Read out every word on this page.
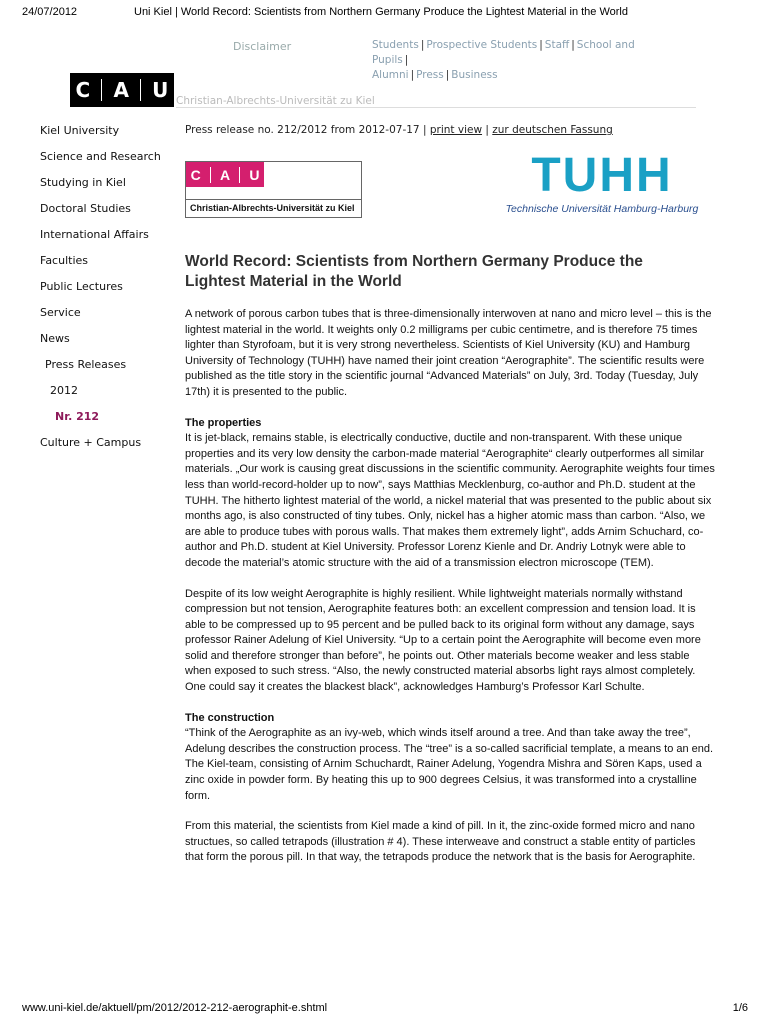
24/07/2012	Uni Kiel | World Record: Scientists from Northern Germany Produce the Lightest Material in the World
Disclaimer	Students | Prospective Students | Staff | School and Pupils |
Alumni | Press | Business
C A U Christian-Albrechts-Universität zu Kiel
Kiel University
Science and Research
Studying in Kiel
Doctoral Studies
International Affairs
Faculties
Public Lectures
Service
News
Press Releases
2012
Nr. 212
Culture + Campus
Press release no. 212/2012 from 2012-07-17 | print view | zur deutschen Fassung
C A U
Christian-Albrechts-Universität zu Kiel
TUHH
Technische Universität Hamburg-Harburg
World Record: Scientists from Northern Germany Produce the Lightest Material in the World

A network of porous carbon tubes that is three-dimensionally interwoven at nano and micro level – this is the lightest material in the world. It weights only 0.2 milligrams per cubic centimetre, and is therefore 75 times lighter than Styrofoam, but it is very strong nevertheless. Scientists of Kiel University (KU) and Hamburg University of Technology (TUHH) have named their joint creation “Aerographite”. The scientific results were published as the title story in the scientific journal “Advanced Materials” on July, 3rd. Today (Tuesday, July 17th) it is presented to the public.

The properties

It is jet-black, remains stable, is electrically conductive, ductile and non-transparent. With these unique properties and its very low density the carbon-made material “Aerographite“ clearly outperformes all similar materials. „Our work is causing great discussions in the scientific community. Aerographite weights four times less than world-record-holder up to now”, says Matthias Mecklenburg, co-author and Ph.D. student at the TUHH. The hitherto lightest material of the world, a nickel material that was presented to the public about six months ago, is also constructed of tiny tubes. Only, nickel has a higher atomic mass than carbon. “Also, we are able to produce tubes with porous walls. That makes them extremely light”, adds Arnim Schuchard, co-author and Ph.D. student at Kiel University. Professor Lorenz Kienle and Dr. Andriy Lotnyk were able to decode the material’s atomic structure with the aid of a transmission electron microscope (TEM).

Despite of its low weight Aerographite is highly resilient. While lightweight materials normally withstand compression but not tension, Aerographite features both: an excellent compression and tension load. It is able to be compressed up to 95 percent and be pulled back to its original form without any damage, says professor Rainer Adelung of Kiel University. “Up to a certain point the Aerographite will become even more solid and therefore stronger than before”, he points out. Other materials become weaker and less stable when exposed to such stress. “Also, the newly constructed material absorbs light rays almost completely. One could say it creates the blackest black”, acknowledges Hamburg’s Professor Karl Schulte.

The construction

“Think of the Aerographite as an ivy-web, which winds itself around a tree. And than take away the tree”, Adelung describes the construction process. The “tree” is a so-called sacrificial template, a means to an end. The Kiel-team, consisting of Arnim Schuchardt, Rainer Adelung, Yogendra Mishra and Sören Kaps, used a zinc oxide in powder form. By heating this up to 900 degrees Celsius, it was transformed into a crystalline form.

From this material, the scientists from Kiel made a kind of pill. In it, the zinc-oxide formed micro and nano structues, so called tetrapods (illustration # 4). These interweave and construct a stable entity of particles that form the porous pill. In that way, the tetrapods produce the network that is the basis for Aerographite.

www.uni-kiel.de/aktuell/pm/2012/2012-212-aerographit-e.shtml	1/6
